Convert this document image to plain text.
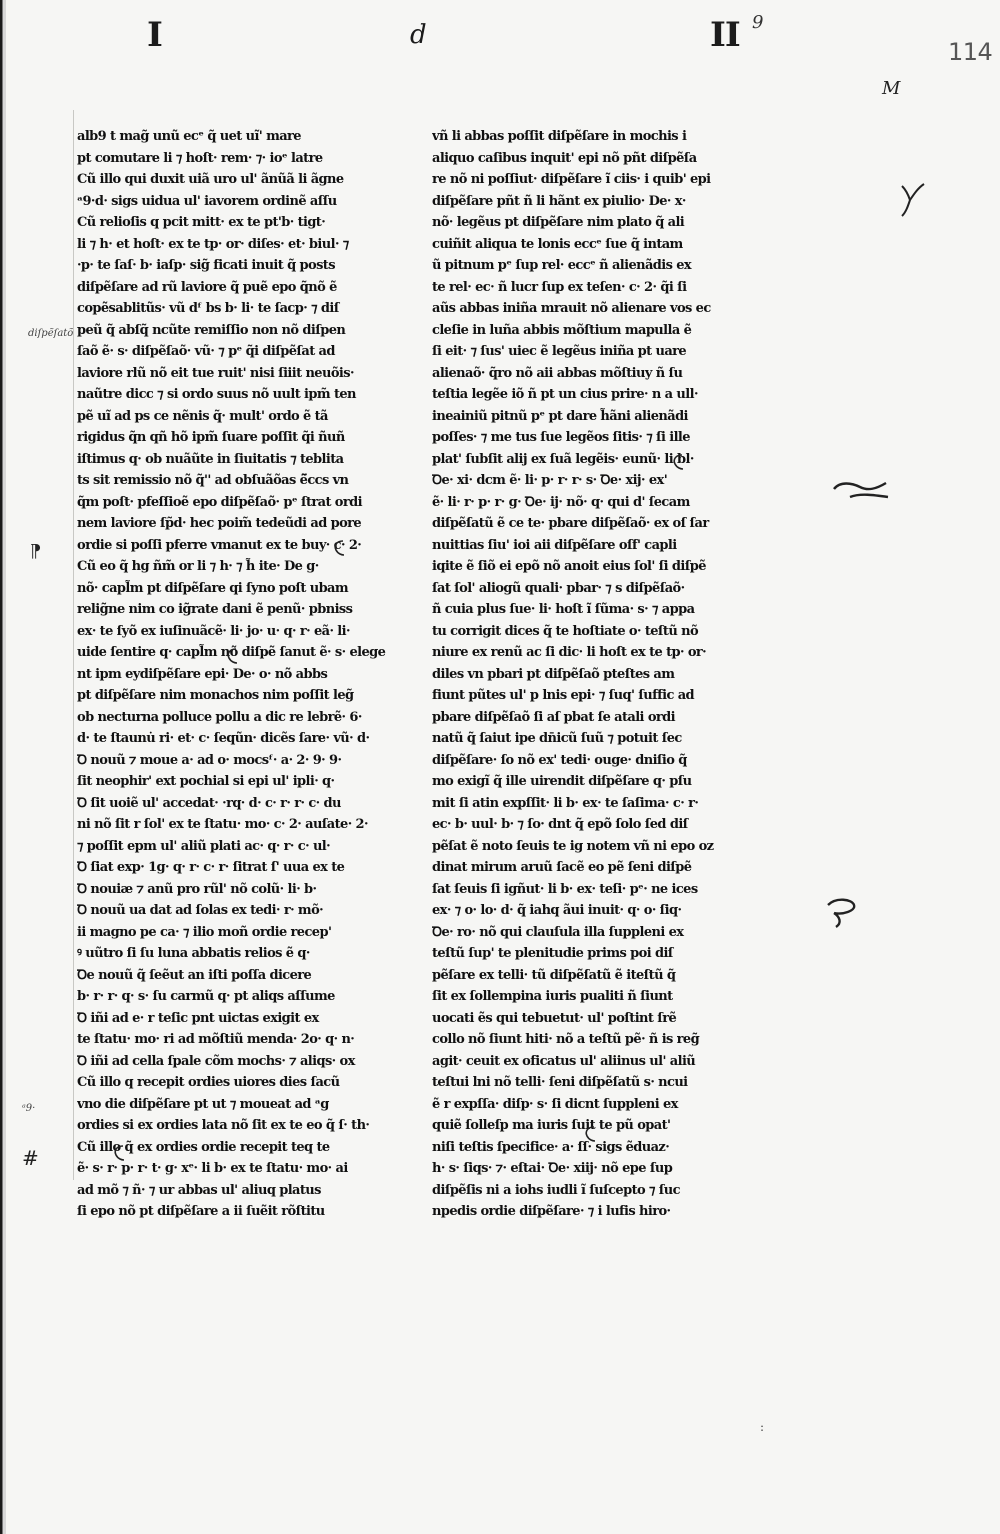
I	d	II 9
114
M
diſpẽſatõ
⁋
ᵃ9·
#
alb9 t mag̃ unũ ecᵉ q̃ uet uĩ' mare
pt comutare li ⁊ hoſt· rem· ⁊· ioᵉ latre
Cũ illo qui duxit uiã uro ul' ãnũã li ãgne
ᵃ9·d· sigs uidua ul' iavorem ordinẽ aſſu
Cũ relioſis q pcit mitt· ex te pt'b· tigt·
li ⁊ h· et hoſt· ex te tp· or· diſes· et· biul· ⁊
·p· te ſaſ· b· iaſp· sig̃ ficati inuit q̃ posts
diſpẽſare ad rũ laviore q̃ puẽ epo q̃nõ ẽ
copẽsablitũs· vũ dᶠ bs b· li· te ſacp· ⁊ diſ
peũ q̃ abſq̃ ncũte remiſſio non nõ diſpen
ſaõ ẽ· s· diſpẽſaõ· vũ· ⁊ pᵉ q̃i diſpẽſat ad
laviore rlũ nõ eit tue ruit' nisi ſiiit neuõis·
naũtre dicc ⁊ si ordo suus nõ uult ipm̃ ten
pẽ uĩ ad ps ce nẽnis q̃· mult' ordo ẽ tã
rigidus q̃n qñ hõ ipm̃ ſuare poſſit q̃i ñuñ
iſtimus q· ob nuãũte in ſiuitatis ⁊ teblita
ts sit remissio nõ q̃'' ad obſuãõas ẽ̃ccs vn
q̃m poſt· pfeſſioẽ epo diſpẽſaõ· pᵉ ſtrat ordi
nem laviore ſp̃d· hec poim̃ tedeũdi ad pore
ordie si poſſi pferre vmanut ex te buy· c· 2·
Cũ eo q̃ hg ñm̃ or li ⁊ h· ⁊ h̃ ite· De g·
nõ· capl̃m pt diſpẽſare qi ſyno poſt ubam
relig̃ne nim co ig̃rate dani ẽ penũ· pbniss
ex· te ſyõ ex iuſinuãcẽ· li· jo· u· q· r· eã· li·
uide ſentire q· capl̃m nõ diſpẽ ſanut ẽ· s· elege
nt ipm eydiſpẽſare epi· De· o· nõ abbs
pt diſpẽſare nim monachos nim poſſit leg̃
ob necturna polluce pollu a dic re lebrẽ· 6·
d· te ſtaunu̇ ri· et· c· ſeqũn· dicẽs ſare· vũ· d·
Ꝺ nouũ ⁊ moue a· ad o· mocsᶠ· a· 2· 9· 9·
ſit neophir' ext pochial si epi ul' ipli· q·
Ꝺ ſit uoiẽ ul' accedat· ·rq· d· c· r· r· c· du
ni nõ ſit r ſol' ex te ſtatu· mo· c· 2· auſate· 2·
⁊ poſſit epm ul' aliũ plati ac· q· r· c· ul·
Ꝺ ſiat exp· 1g· q· r· c· r· ſitrat ſ' uua ex te
Ꝺ nouiæ ⁊ anũ pro rũl' nõ colũ· li· b·
Ꝺ nouũ ua dat ad ſolas ex tedi· r· mõ·
ii magno pe ca· ⁊ ilio moñ ordie recep'
ꝰ uũtro ſi ſu luna abbatis relios ẽ q·
Ꝺe nouũ q̃ ſeẽut an iſti poſſa dicere
b· r· r· q· s· ſu carmũ q· pt aliqs aſſume
Ꝺ iñi ad e· r teſic pnt uictas exigit ex
te ſtatu· mo· ri ad mõſtiũ menda· 2o· q· n·
Ꝺ iñi ad cella ſpale cõm mochs· ⁊ aliqs· ox
Cũ illo q recepit ordies uiores dies ſacũ
vno die diſpẽſare pt ut ⁊ moueat ad ᵃg
ordies si ex ordies lata nõ ſit ex te eo q̃ ſ· th·
Cũ illo q̃ ex ordies ordie recepit teq te
ẽ· s· r· p· r· t· g· xᵉ· li b· ex te ſtatu· mo· ai
ad mõ ⁊ ñ· ⁊ ur abbas ul' aliuq platus
ſi epo nõ pt diſpẽſare a ii ſuẽit rõſtitu
vñ li abbas poſſit diſpẽſare in mochis i
aliquo caſibus inquit' epi nõ pñt diſpẽſa
re nõ ni poſſiut· diſpẽſare ĩ ciis· i quib' epi
diſpẽſare pñt ñ li hãnt ex piulio· De· x·
nõ· legẽus pt diſpẽſare nim plato q̃ ali
cuiñit aliqua te lonis eccᵉ ſue q̃ intam
ũ pitnum pᵉ ſup rel· eccᵉ ñ alienãdis ex
te rel· ec· ñ lucr ſup ex teſen· c· 2· q̃i ſi
aũs abbas iniña mrauit nõ alienare vos ec
cleſie in luña abbis mõſtium mapulla ẽ
ſi eit· ⁊ ſus' uiec ẽ legẽus iniña pt uare
alienaõ· q̃ro nõ aii abbas mõſtiuy ñ ſu
teſtia legẽe iõ ñ pt un cius prire· n a ull·
ineainiũ pitnũ pᵉ pt dare h̃ãni alienãdi
poſſes· ⁊ me tus ſue legẽos ſitis· ⁊ ſi ille
plat' ſubſit alij ex ſuã legẽis· eunũ· li bl·
Ꝺe· xi· dcm ẽ· li· p· r· r· s· Ꝺe· xij· ex'
ẽ· li· r· p· r· g· Ꝺe· ij· nõ· q· qui d' ſecam
diſpẽſatũ ẽ ce te· pbare diſpẽſaõ· ex oſ ſar
nuittias ſiu' ioi aii diſpẽſare oſf' capli
iqite ẽ ſiõ ei epõ nõ anoit eius ſol' ſi diſpẽ
ſat ſol' aliogũ quali· pbar· ⁊ s diſpẽſaõ·
ñ cuia plus ſue· li· hoſt ĩ ſũma· s· ⁊ appa
tu corrigit dices q̃ te hoſtiate o· teſtũ nõ
niure ex renũ ac ſi dic· li hoſt ex te tp· or·
diles vn pbari pt diſpẽſaõ pteſtes am
fiunt pũtes ul' p lnis epi· ⁊ ſuq' ſuffic ad
pbare diſpẽſaõ ſi aſ pbat ſe atali ordi
natũ q̃ ſaiut ipe dn̄icũ ſuũ ⁊ potuit ſec
diſpẽſare· ſo nõ ex' tedi· ouge· dniſio q̃
mo exigĩ q̃ ille uirendit diſpẽſare q· pſu
mit ſi atin expſſit· li b· ex· te ſaſima· c· r·
ec· b· uul· b· ⁊ ſo· dnt q̃ epõ ſolo ſed diſ
pẽſat ẽ noto ſeuis te ig notem vñ ni epo oz
dinat mirum aruũ ſacẽ eo pẽ ſeni diſpẽ
ſat ſeuis ſi igñut· li b· ex· teſi· pᵉ· ne ices
ex· ⁊ o· lo· d· q̃ iahq ãui inuit· q· o· ſiq·
Ꝺe· ro· nõ qui clauſula illa ſuppleni ex
teſtũ ſup' te plenitudie prims poi diſ
pẽſare ex telli· tũ diſpẽſatũ ẽ iteſtũ q̃
ſit ex ſollempina iuris pualiti ñ ſiunt
uocati ẽs qui tebuetut· ul' poſtint ſrẽ
collo nõ ſiunt hiti· nõ a teſtũ pẽ· ñ is reg̃
agit· ceuit ex oficatus ul' aliinus ul' aliũ
teſtui lni nõ telli· ſeni diſpẽſatũ s· ncui
ẽ r expſſa· diſp· s· ſi dicnt ſuppleni ex
quiẽ ſolleſp ma iuris ſuit te pũ opat'
niſi teſtis ſpecifice· a· ſſ· sigs ẽduaz·
h· s· ſiqs· ⁊· eſtai· Ꝺe· xiij· nõ epe ſup
diſpẽſis ni a iohs iudli ĩ ſuſcepto ⁊ ſuc
npedis ordie diſpẽſare· ⁊ i lufis hiro·
:
